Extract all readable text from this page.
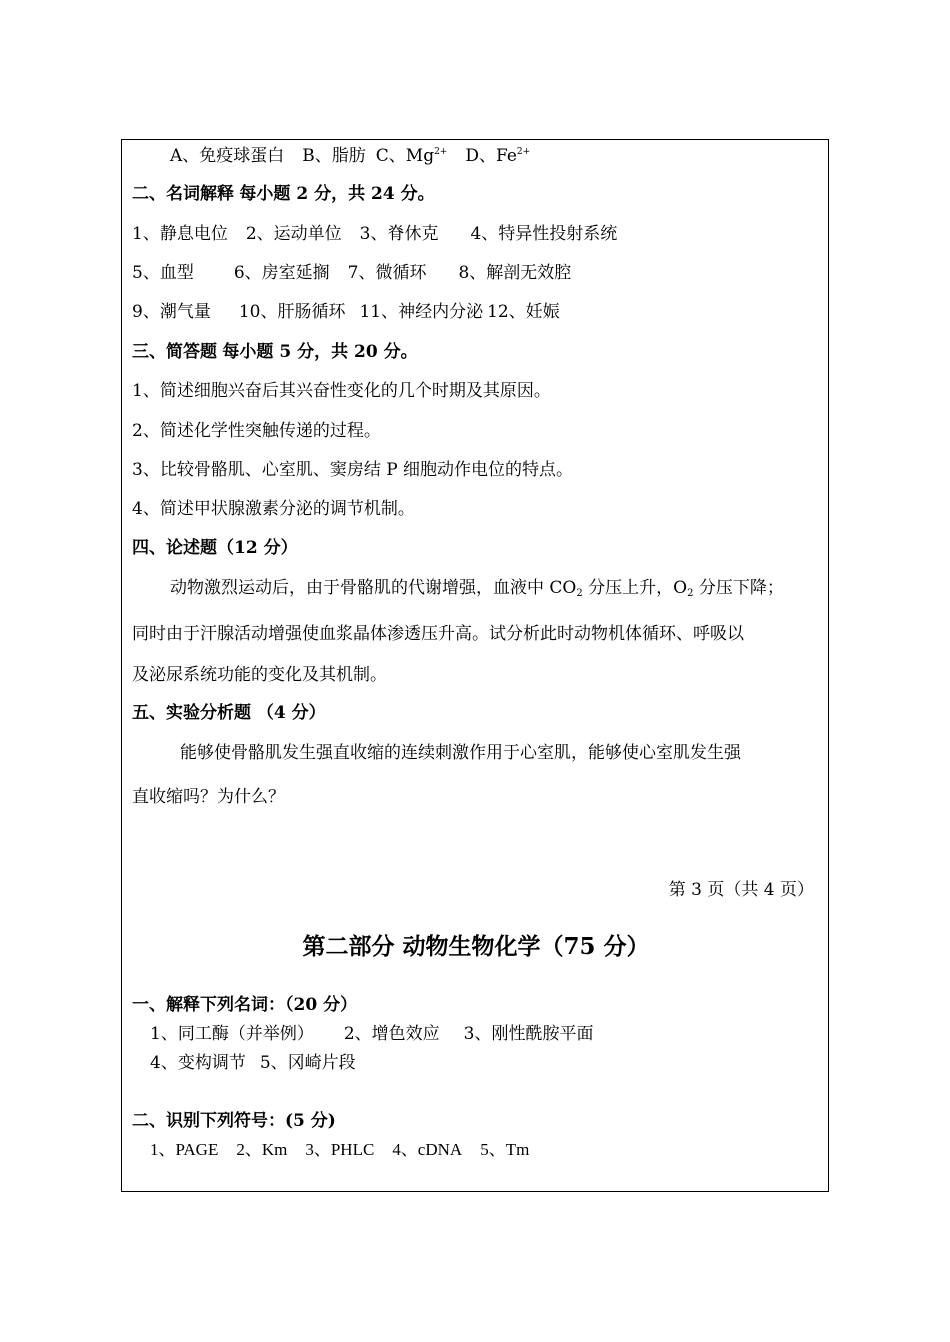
A、免疫球蛋白 B、脂肪 C、$Mg^{2+}$ D、$Fe^{2+}$
二、名词解释 每小题 2 分，共 24 分。
1、静息电位 2、运动单位 3、脊休克 4、特异性投射系统
5、血型 6、房室延搁 7、微循环 8、解剖无效腔
9、潮气量 10、肝肠循环 11、神经内分泌 12、妊娠
三、简答题 每小题 5 分，共 20 分。
1、简述细胞兴奋后其兴奋性变化的几个时期及其原因。
2、简述化学性突触传递的过程。
3、比较骨骼肌、心室肌、窦房结 P 细胞动作电位的特点。
4、简述甲状腺激素分泌的调节机制。
四、论述题（12 分）
动物激烈运动后，由于骨骼肌的代谢增强，血液中 $CO_2$ 分压上升，$O_2$ 分压下降；
同时由于汗腺活动增强使血浆晶体渗透压升高。试分析此时动物机体循环、呼吸以
及泌尿系统功能的变化及其机制。
五、实验分析题 （4 分）
能够使骨骼肌发生强直收缩的连续刺激作用于心室肌，能够使心室肌发生强
直收缩吗？为什么？
第 3 页（共 4 页）
第二部分 动物生物化学（75 分）
一、解释下列名词：（20 分）
1、同工酶（并举例） 2、增色效应 3、刚性酰胺平面
4、变构调节 5、冈崎片段
二、识别下列符号：(5 分)
1、PAGE 2、Km 3、PHLC 4、cDNA 5、Tm
